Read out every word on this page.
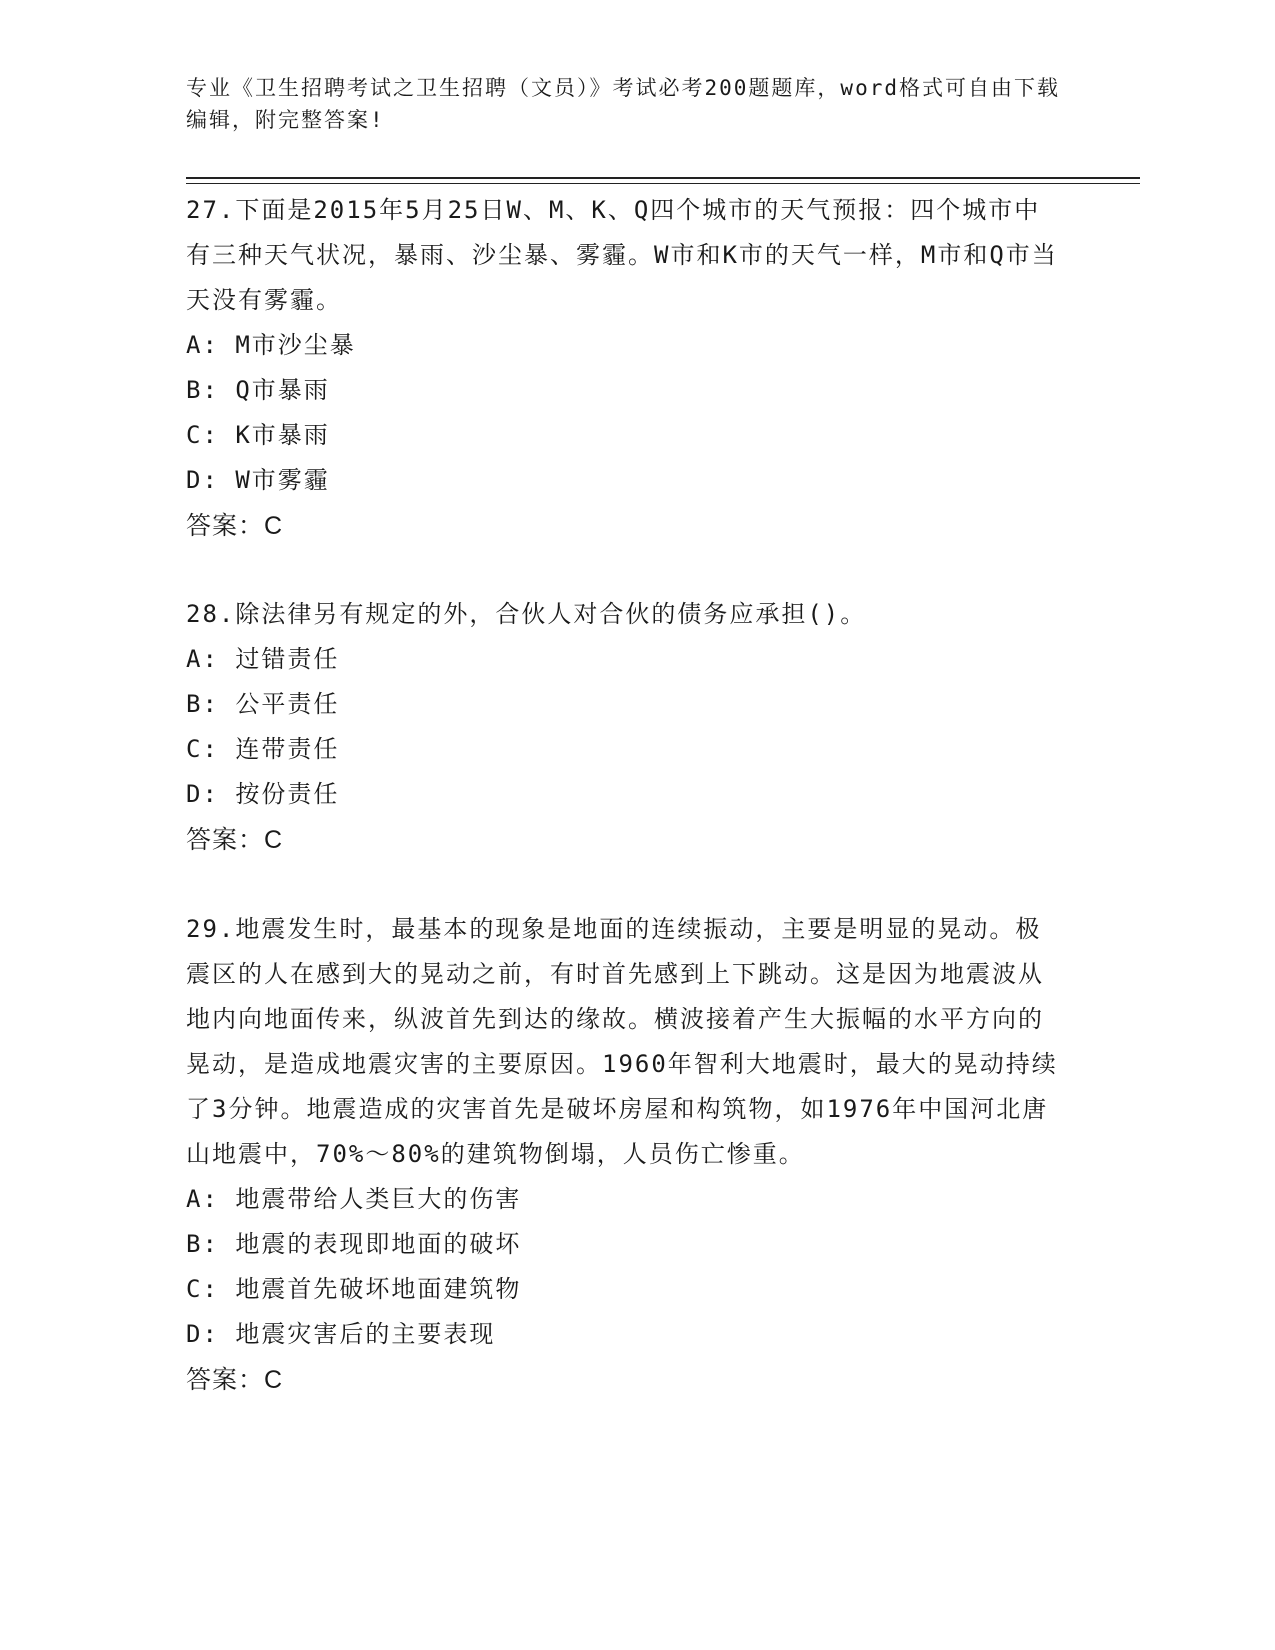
专业《卫生招聘考试之卫生招聘（文员）》考试必考200题题库，word格式可自由下载编辑，附完整答案!

27.下面是2015年5月25日W、M、K、Q四个城市的天气预报：四个城市中有三种天气状况，暴雨、沙尘暴、雾霾。W市和K市的天气一样，M市和Q市当天没有雾霾。

A: M市沙尘暴

B: Q市暴雨

C: K市暴雨

D: W市雾霾

答案：C

28.除法律另有规定的外，合伙人对合伙的债务应承担()。

A: 过错责任

B: 公平责任

C: 连带责任

D: 按份责任

答案：C

29.地震发生时，最基本的现象是地面的连续振动，主要是明显的晃动。极震区的人在感到大的晃动之前，有时首先感到上下跳动。这是因为地震波从地内向地面传来，纵波首先到达的缘故。横波接着产生大振幅的水平方向的晃动，是造成地震灾害的主要原因。1960年智利大地震时，最大的晃动持续了3分钟。地震造成的灾害首先是破坏房屋和构筑物，如1976年中国河北唐山地震中，70%～80%的建筑物倒塌，人员伤亡惨重。

A: 地震带给人类巨大的伤害

B: 地震的表现即地面的破坏

C: 地震首先破坏地面建筑物

D: 地震灾害后的主要表现

答案：C
